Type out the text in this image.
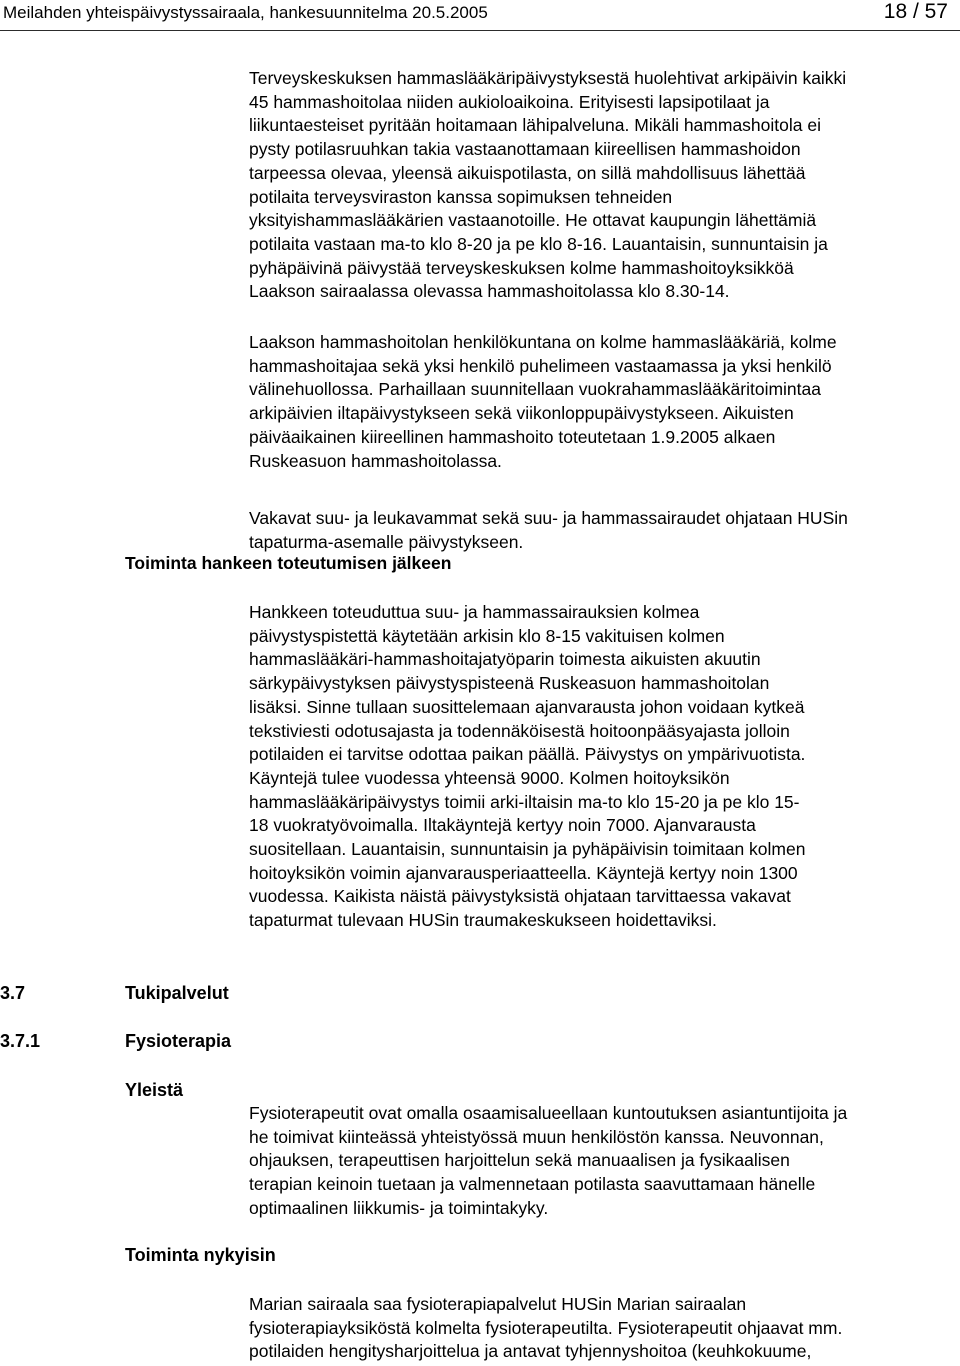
Meilahden yhteispäivystyssairaala, hankesuunnitelma 20.5.2005	18 / 57

Terveyskeskuksen hammaslääkäripäivystyksestä huolehtivat arkipäivin kaikki
45 hammashoitolaa niiden aukioloaikoina. Erityisesti lapsipotilaat ja
liikuntaesteiset pyritään hoitamaan lähipalveluna. Mikäli hammashoitola ei
pysty potilasruuhkan takia vastaanottamaan kiireellisen hammashoidon
tarpeessa olevaa, yleensä aikuispotilasta, on sillä mahdollisuus lähettää
potilaita terveysviraston kanssa sopimuksen tehneiden
yksityishammaslääkärien vastaanotoille. He ottavat kaupungin lähettämiä
potilaita vastaan ma-to klo 8-20 ja pe klo 8-16. Lauantaisin, sunnuntaisin ja
pyhäpäivinä päivystää terveyskeskuksen kolme hammashoitoyksikköä
Laakson sairaalassa olevassa hammashoitolassa klo 8.30-14.

Laakson hammashoitolan henkilökuntana on kolme hammaslääkäriä, kolme
hammashoitajaa sekä yksi henkilö puhelimeen vastaamassa ja yksi henkilö
välinehuollossa. Parhaillaan suunnitellaan vuokrahammaslääkäritoimintaa
arkipäivien iltapäivystykseen sekä viikonloppupäivystykseen. Aikuisten
päiväaikainen kiireellinen hammashoito toteutetaan 1.9.2005 alkaen
Ruskeasuon hammashoitolassa.

Vakavat suu- ja leukavammat sekä suu- ja hammassairaudet ohjataan HUSin
tapaturma-asemalle päivystykseen.

Toiminta hankeen toteutumisen jälkeen

Hankkeen toteuduttua suu- ja hammassairauksien kolmea
päivystyspistettä käytetään arkisin klo 8-15 vakituisen kolmen
hammaslääkäri-hammashoitajatyöparin toimesta aikuisten akuutin
särkypäivystyksen päivystyspisteenä Ruskeasuon hammashoitolan
lisäksi. Sinne tullaan suosittelemaan ajanvarausta johon voidaan kytkeä
tekstiviesti odotusajasta ja todennäköisestä hoitoonpääsyajasta jolloin
potilaiden ei tarvitse odottaa paikan päällä. Päivystys on ympärivuotista.
Käyntejä tulee vuodessa yhteensä 9000. Kolmen hoitoyksikön
hammaslääkäripäivystys toimii arki-iltaisin ma-to klo 15-20 ja pe klo 15-
18 vuokratyövoimalla. Iltakäyntejä kertyy noin 7000. Ajanvarausta
suositellaan. Lauantaisin, sunnuntaisin ja pyhäpäivisin toimitaan kolmen
hoitoyksikön voimin ajanvarausperiaatteella. Käyntejä kertyy noin 1300
vuodessa. Kaikista näistä päivystyksistä ohjataan tarvittaessa vakavat
tapaturmat tulevaan HUSin traumakeskukseen hoidettaviksi.

3.7	Tukipalvelut
3.7.1	Fysioterapia
Yleistä

Fysioterapeutit ovat omalla osaamisalueellaan kuntoutuksen asiantuntijoita ja
he toimivat kiinteässä yhteistyössä muun henkilöstön kanssa. Neuvonnan,
ohjauksen, terapeuttisen harjoittelun sekä manuaalisen ja fysikaalisen
terapian keinoin tuetaan ja valmennetaan potilasta saavuttamaan hänelle
optimaalinen liikkumis- ja toimintakyky.

Toiminta nykyisin

Marian sairaala saa fysioterapiapalvelut HUSin Marian sairaalan
fysioterapiayksiköstä kolmelta fysioterapeutilta. Fysioterapeutit ohjaavat mm.
potilaiden hengitysharjoittelua ja antavat tyhjennyshoitoa (keuhkokuume,
